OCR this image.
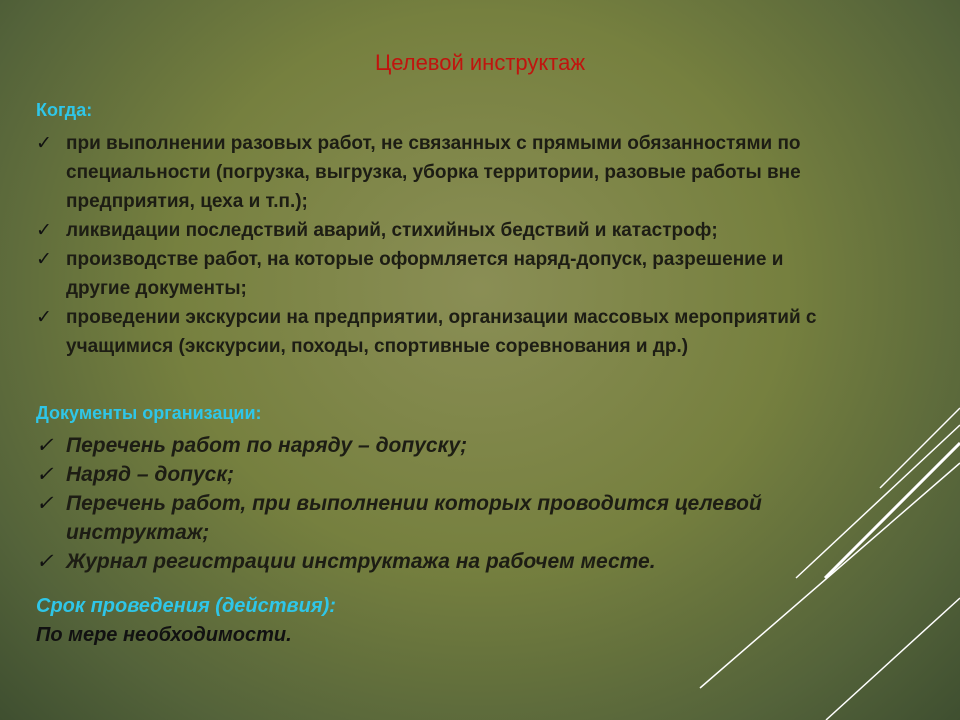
Целевой инструктаж
Когда:
✓ при выполнении разовых работ, не связанных с прямыми обязанностями по специальности (погрузка, выгрузка, уборка территории, разовые работы вне предприятия, цеха и т.п.);
✓ ликвидации последствий аварий, стихийных бедствий и катастроф;
✓ производстве работ, на которые оформляется наряд-допуск, разрешение и другие документы;
✓ проведении экскурсии на предприятии, организации массовых мероприятий с учащимися (экскурсии, походы, спортивные соревнования и др.)
Документы организации:
✓ Перечень работ по наряду – допуску;
✓ Наряд – допуск;
✓ Перечень работ, при выполнении которых проводится целевой инструктаж;
✓ Журнал регистрации инструктажа на рабочем месте.
Срок проведения (действия): По мере необходимости.
